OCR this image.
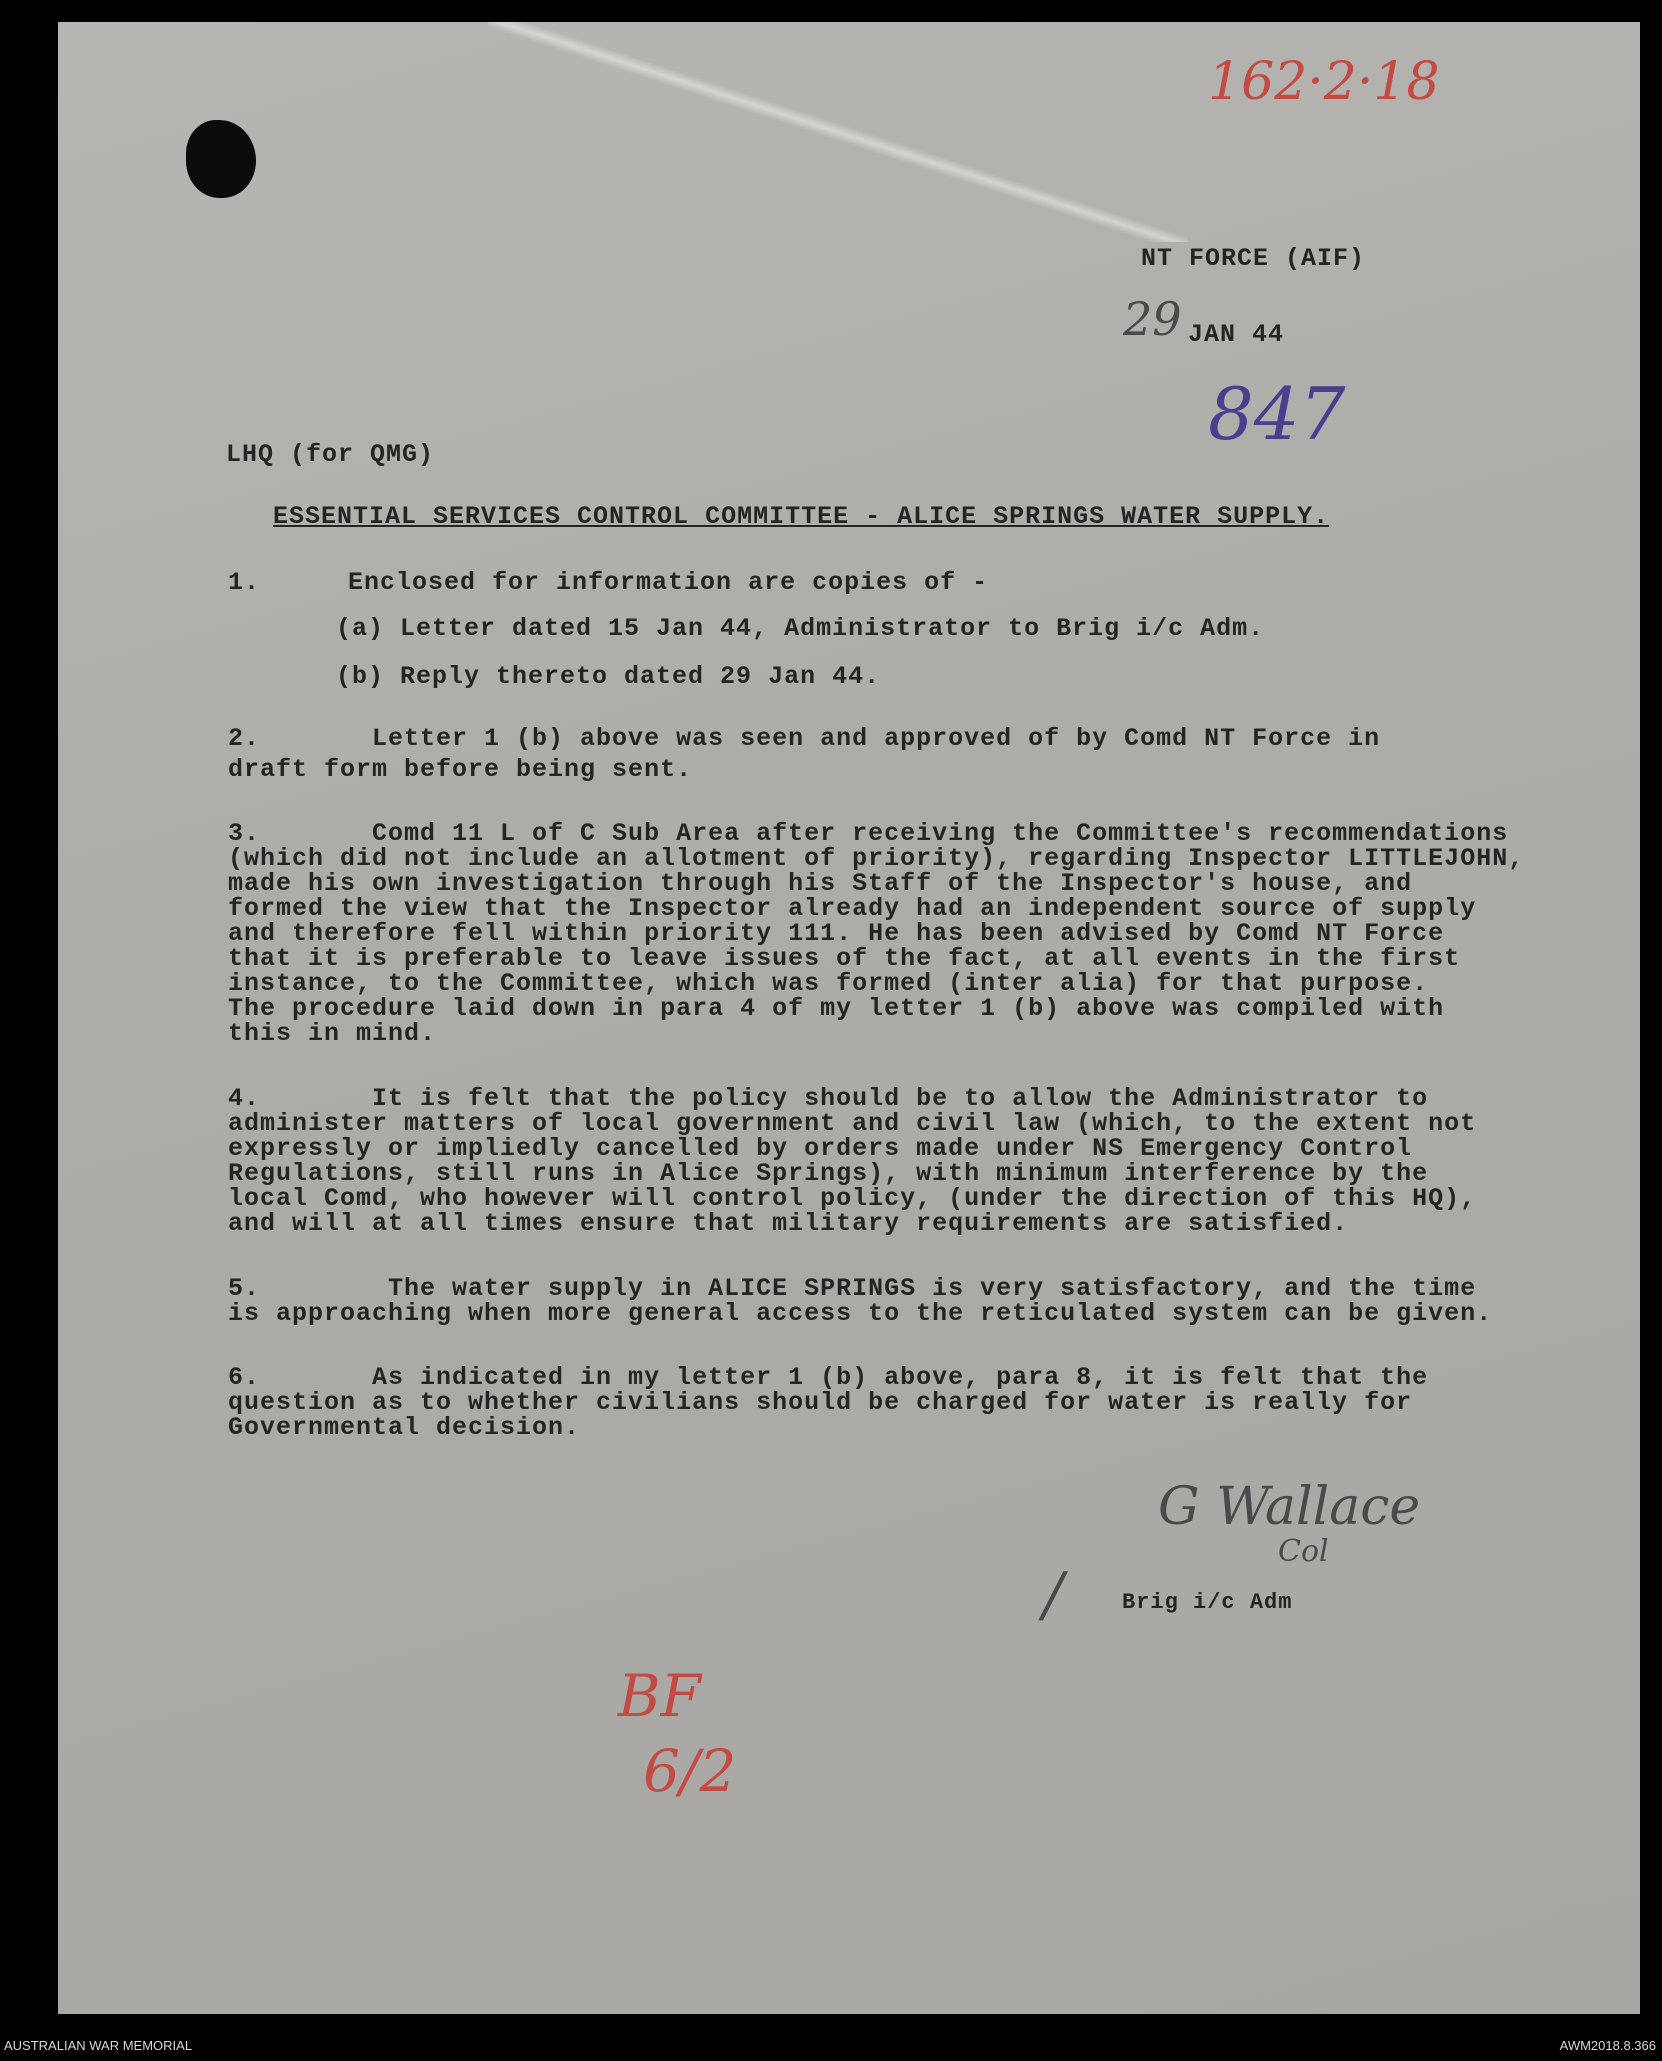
162·2·18
NT FORCE (AIF)
29 JAN 44
847
LHQ (for QMG)
ESSENTIAL SERVICES CONTROL COMMITTEE - ALICE SPRINGS WATER SUPPLY.
1.	Enclosed for information are copies of -
(a) Letter dated 15 Jan 44, Administrator to Brig i/c Adm.
(b) Reply thereto dated 29 Jan 44.
2.       Letter 1 (b) above was seen and approved of by Comd NT Force in
draft form before being sent.
3.       Comd 11 L of C Sub Area after receiving the Committee's recommendations
(which did not include an allotment of priority), regarding Inspector LITTLEJOHN,
made his own investigation through his Staff of the Inspector's house, and
formed the view that the Inspector already had an independent source of supply
and therefore fell within priority 111. He has been advised by Comd NT Force
that it is preferable to leave issues of the fact, at all events in the first
instance, to the Committee, which was formed (inter alia) for that purpose.
The procedure laid down in para 4 of my letter 1 (b) above was compiled with
this in mind.
4.       It is felt that the policy should be to allow the Administrator to
administer matters of local government and civil law (which, to the extent not
expressly or impliedly cancelled by orders made under NS Emergency Control
Regulations, still runs in Alice Springs), with minimum interference by the
local Comd, who however will control policy, (under the direction of this HQ),
and will at all times ensure that military requirements are satisfied.
5.        The water supply in ALICE SPRINGS is very satisfactory, and the time
is approaching when more general access to the reticulated system can be given.
6.       As indicated in my letter 1 (b) above, para 8, it is felt that the
question as to whether civilians should be charged for water is really for
Governmental decision.
G Wallace
Col
/	Brig i/c Adm
BF
6/2
AUSTRALIAN WAR MEMORIAL	AWM2018.8.366
